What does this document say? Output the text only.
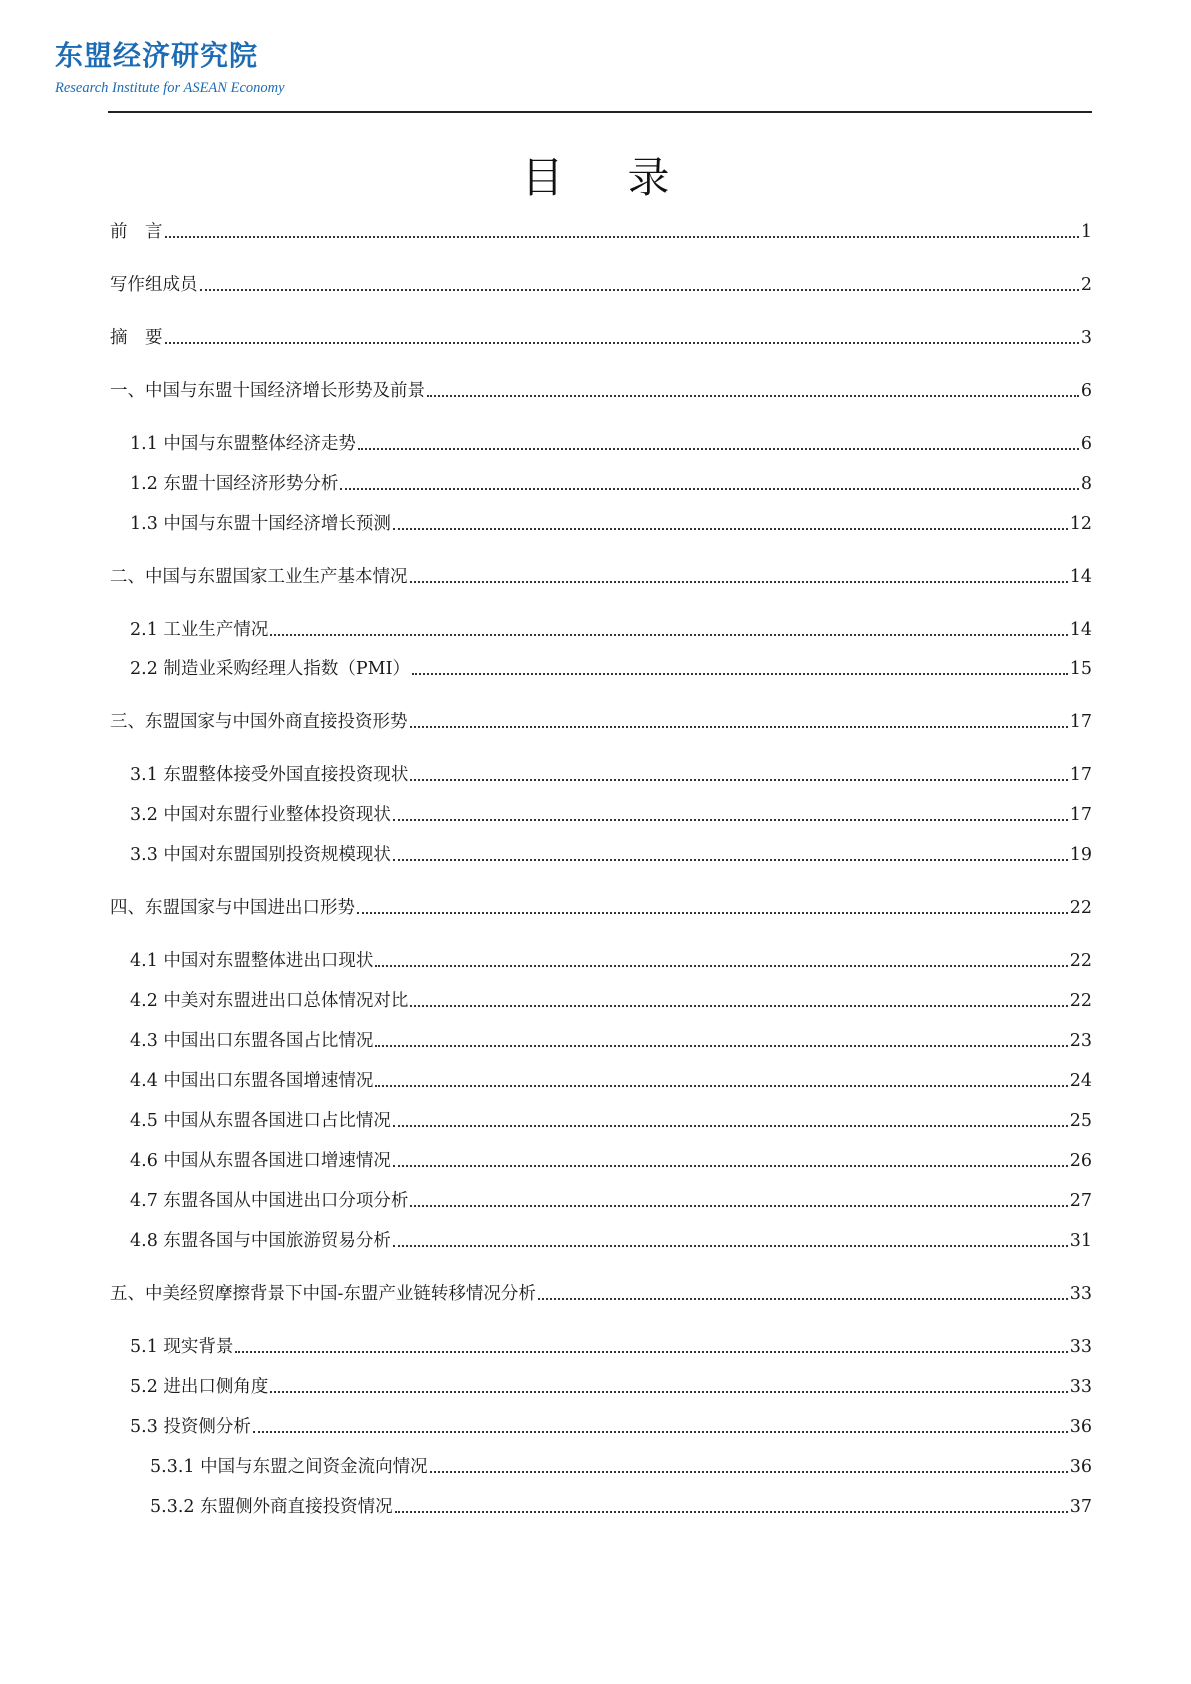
东盟经济研究院
Research Institute for ASEAN Economy
目 录
前　言	1
写作组成员	2
摘　要	3
一、中国与东盟十国经济增长形势及前景	6
1.1 中国与东盟整体经济走势	6
1.2 东盟十国经济形势分析	8
1.3 中国与东盟十国经济增长预测	12
二、中国与东盟国家工业生产基本情况	14
2.1 工业生产情况	14
2.2 制造业采购经理人指数（PMI）	15
三、东盟国家与中国外商直接投资形势	17
3.1 东盟整体接受外国直接投资现状	17
3.2 中国对东盟行业整体投资现状	17
3.3 中国对东盟国别投资规模现状	19
四、东盟国家与中国进出口形势	22
4.1 中国对东盟整体进出口现状	22
4.2 中美对东盟进出口总体情况对比	22
4.3 中国出口东盟各国占比情况	23
4.4 中国出口东盟各国增速情况	24
4.5 中国从东盟各国进口占比情况	25
4.6 中国从东盟各国进口增速情况	26
4.7 东盟各国从中国进出口分项分析	27
4.8 东盟各国与中国旅游贸易分析	31
五、中美经贸摩擦背景下中国-东盟产业链转移情况分析	33
5.1 现实背景	33
5.2 进出口侧角度	33
5.3 投资侧分析	36
5.3.1 中国与东盟之间资金流向情况	36
5.3.2 东盟侧外商直接投资情况	37
